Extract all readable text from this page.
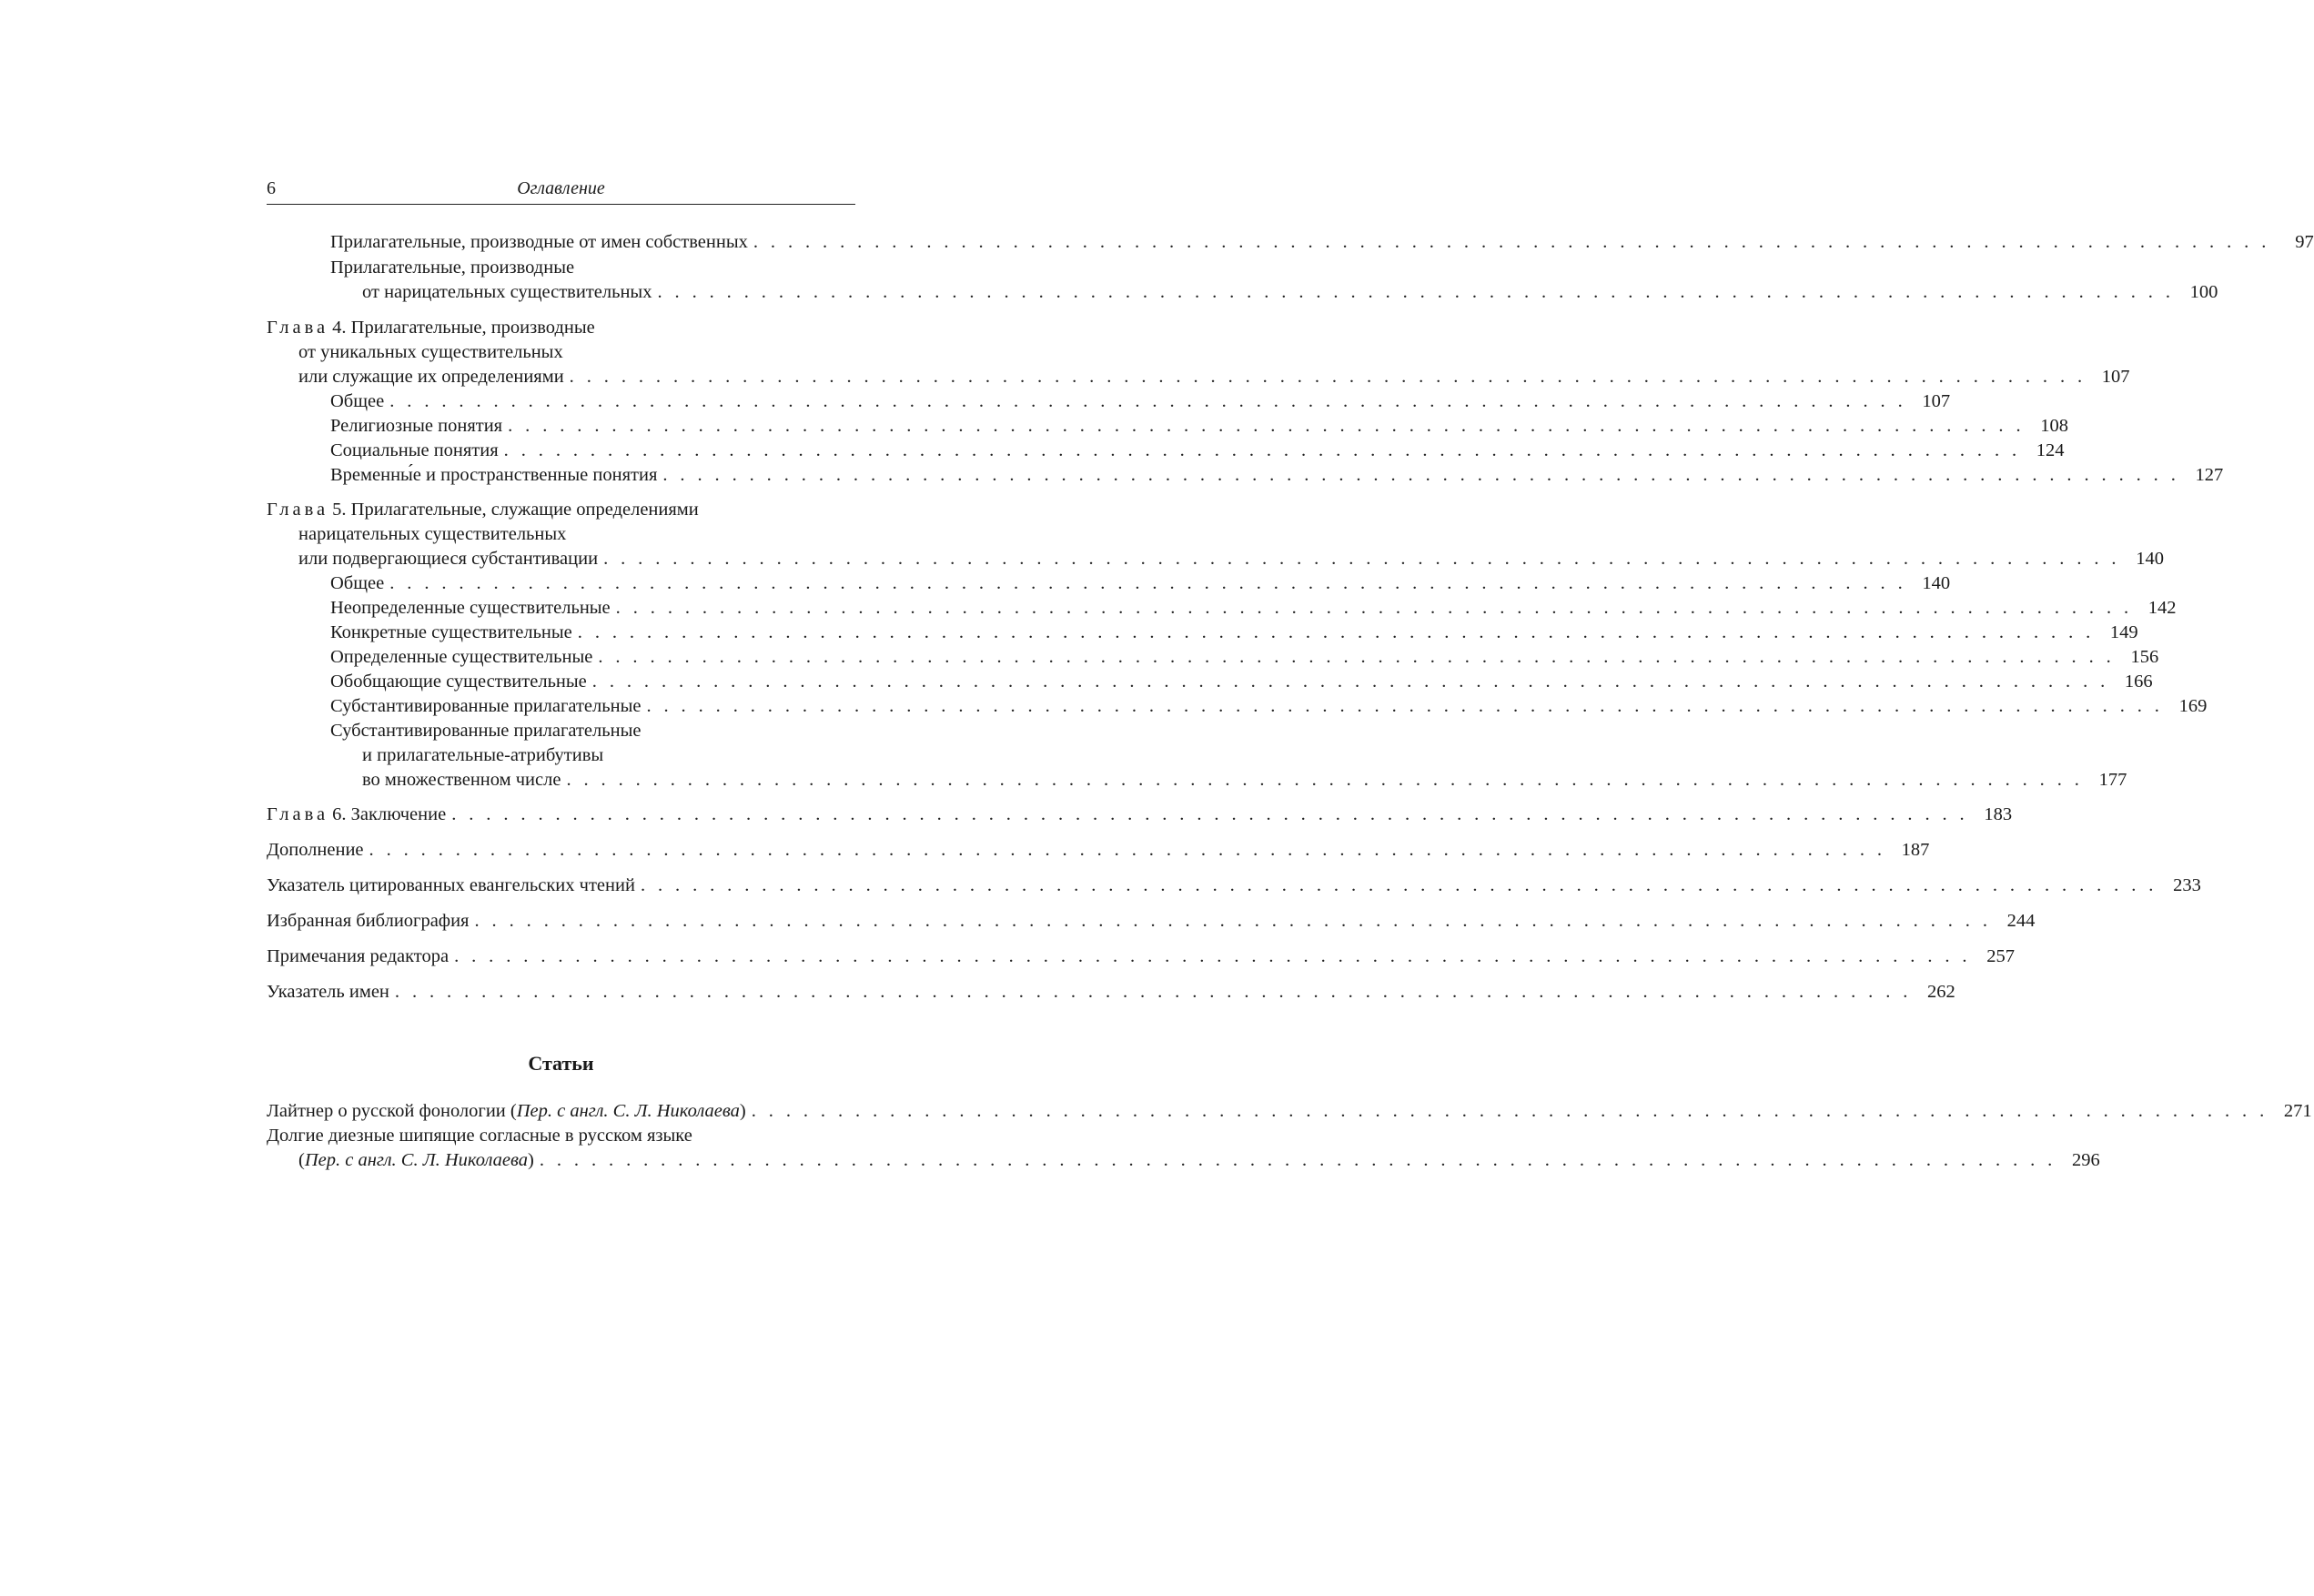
6	Оглавление
Прилагательные, производные от имен собственных . . . . . . . . . . . . . . . . . . . . . . . . . . . . . . . . . . . . . . . . . . . . . . . . . . . . . . . . . . . . . . . . . . . . . . . . . . . . . . . . . . . . . . . .	97
Прилагательные, производные
от нарицательных существительных . . . . . . . . . . . . . . . . . . . . . . . . . . . . . . . . . . . . . . . . . . . . . . . . . . . . . . . . . . . . . . . . . . . . . . . . . . . . . . . . . . . . . . . . 100
Глава 4. Прилагательные, производные
от уникальных существительных
или служащие их определениями . . . . . . . . . . . . . . . . . . . . . . . . . . . . . . . . . . . . . . . . . . . . . . . . . . . . . . . . . . . . . . . . . . . . . . . . . . . . . . . . . . . . . . . . 107
Общее . . . . . . . . . . . . . . . . . . . . . . . . . . . . . . . . . . . . . . . . . . . . . . . . . . . . . . . . . . . . . . . . . . . . . . . . . . . . . . . . . . . . . . . . 107
Религиозные понятия . . . . . . . . . . . . . . . . . . . . . . . . . . . . . . . . . . . . . . . . . . . . . . . . . . . . . . . . . . . . . . . . . . . . . . . . . . . . . . . . . . . . . . . . 108
Социальные понятия . . . . . . . . . . . . . . . . . . . . . . . . . . . . . . . . . . . . . . . . . . . . . . . . . . . . . . . . . . . . . . . . . . . . . . . . . . . . . . . . . . . . . . . . 124
Временны́е и пространственные понятия . . . . . . . . . . . . . . . . . . . . . . . . . . . . . . . . . . . . . . . . . . . . . . . . . . . . . . . . . . . . . . . . . . . . . . . . . . . . . . . . . . . . . . . . 127
Глава 5. Прилагательные, служащие определениями
нарицательных существительных
или подвергающиеся субстантивации . . . . . . . . . . . . . . . . . . . . . . . . . . . . . . . . . . . . . . . . . . . . . . . . . . . . . . . . . . . . . . . . . . . . . . . . . . . . . . . . . . . . . . . . 140
Общее . . . . . . . . . . . . . . . . . . . . . . . . . . . . . . . . . . . . . . . . . . . . . . . . . . . . . . . . . . . . . . . . . . . . . . . . . . . . . . . . . . . . . . . . 140
Неопределенные существительные . . . . . . . . . . . . . . . . . . . . . . . . . . . . . . . . . . . . . . . . . . . . . . . . . . . . . . . . . . . . . . . . . . . . . . . . . . . . . . . . . . . . . . . . 142
Конкретные существительные . . . . . . . . . . . . . . . . . . . . . . . . . . . . . . . . . . . . . . . . . . . . . . . . . . . . . . . . . . . . . . . . . . . . . . . . . . . . . . . . . . . . . . . . 149
Определенные существительные . . . . . . . . . . . . . . . . . . . . . . . . . . . . . . . . . . . . . . . . . . . . . . . . . . . . . . . . . . . . . . . . . . . . . . . . . . . . . . . . . . . . . . . . 156
Обобщающие существительные . . . . . . . . . . . . . . . . . . . . . . . . . . . . . . . . . . . . . . . . . . . . . . . . . . . . . . . . . . . . . . . . . . . . . . . . . . . . . . . . . . . . . . . . 166
Субстантивированные прилагательные . . . . . . . . . . . . . . . . . . . . . . . . . . . . . . . . . . . . . . . . . . . . . . . . . . . . . . . . . . . . . . . . . . . . . . . . . . . . . . . . . . . . . . . . 169
Субстантивированные прилагательные
и прилагательные-атрибутивы
во множественном числе . . . . . . . . . . . . . . . . . . . . . . . . . . . . . . . . . . . . . . . . . . . . . . . . . . . . . . . . . . . . . . . . . . . . . . . . . . . . . . . . . . . . . . . . 177
Глава 6. Заключение . . . . . . . . . . . . . . . . . . . . . . . . . . . . . . . . . . . . . . . . . . . . . . . . . . . . . . . . . . . . . . . . . . . . . . . . . . . . . . . . . . . . . . . . 183
Дополнение . . . . . . . . . . . . . . . . . . . . . . . . . . . . . . . . . . . . . . . . . . . . . . . . . . . . . . . . . . . . . . . . . . . . . . . . . . . . . . . . . . . . . . . . 187
Указатель цитированных евангельских чтений . . . . . . . . . . . . . . . . . . . . . . . . . . . . . . . . . . . . . . . . . . . . . . . . . . . . . . . . . . . . . . . . . . . . . . . . . . . . . . . . . . . . . . . . 233
Избранная библиография . . . . . . . . . . . . . . . . . . . . . . . . . . . . . . . . . . . . . . . . . . . . . . . . . . . . . . . . . . . . . . . . . . . . . . . . . . . . . . . . . . . . . . . . 244
Примечания редактора . . . . . . . . . . . . . . . . . . . . . . . . . . . . . . . . . . . . . . . . . . . . . . . . . . . . . . . . . . . . . . . . . . . . . . . . . . . . . . . . . . . . . . . . 257
Указатель имен . . . . . . . . . . . . . . . . . . . . . . . . . . . . . . . . . . . . . . . . . . . . . . . . . . . . . . . . . . . . . . . . . . . . . . . . . . . . . . . . . . . . . . . . 262
Лайтнер о русской фонологии (Пер. с англ. С. Л. Николаева) . . . . . . . . . . . . . . . . . . . . . . . . . . . . . . . . . . . . . . . . . . . . . . . . . . . . . . . . . . . . . . . . . . . . . . . . . . . . . . . . . . . . . . . . 271
Долгие диезные шипящие согласные в русском языке
(Пер. с англ. С. Л. Николаева) . . . . . . . . . . . . . . . . . . . . . . . . . . . . . . . . . . . . . . . . . . . . . . . . . . . . . . . . . . . . . . . . . . . . . . . . . . . . . . . . . . . . . . . . 296
Статьи
